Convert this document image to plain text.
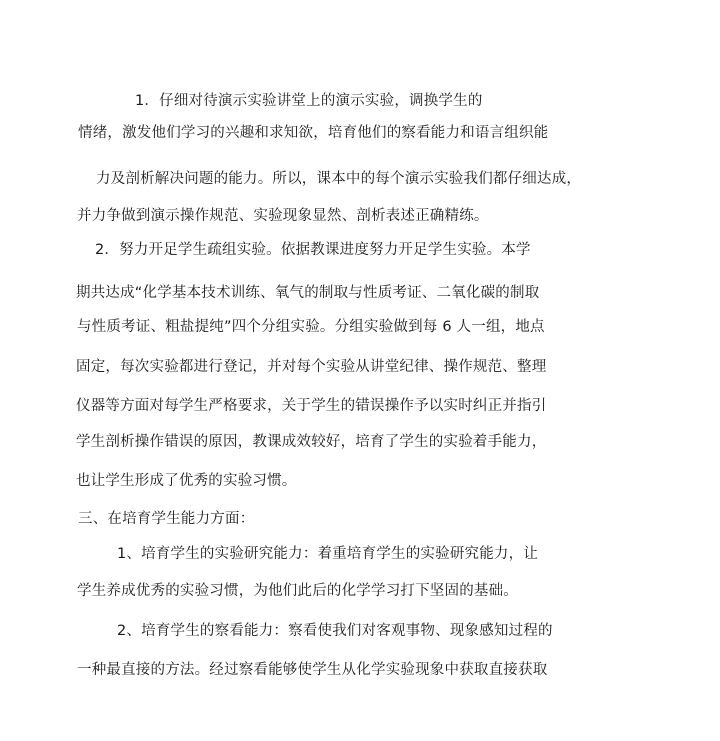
1．仔细对待演示实验讲堂上的演示实验，调换学生的
情绪，激发他们学习的兴趣和求知欲，培育他们的察看能力和语言组织能
力及剖析解决问题的能力。所以，课本中的每个演示实验我们都仔细达成，
并力争做到演示操作规范、实验现象显然、剖析表述正确精练。
2．努力开足学生疏组实验。依据教课进度努力开足学生实验。本学
期共达成“化学基本技术训练、氧气的制取与性质考证、二氧化碳的制取
与性质考证、粗盐提纯”四个分组实验。分组实验做到每 6 人一组，地点
固定，每次实验都进行登记，并对每个实验从讲堂纪律、操作规范、整理
仪器等方面对每学生严格要求，关于学生的错误操作予以实时纠正并指引
学生剖析操作错误的原因，教课成效较好，培育了学生的实验着手能力，
也让学生形成了优秀的实验习惯。
三、在培育学生能力方面：
1、培育学生的实验研究能力：着重培育学生的实验研究能力，让
学生养成优秀的实验习惯，为他们此后的化学学习打下坚固的基础。
2、培育学生的察看能力：察看使我们对客观事物、现象感知过程的
一种最直接的方法。经过察看能够使学生从化学实验现象中获取直接获取
